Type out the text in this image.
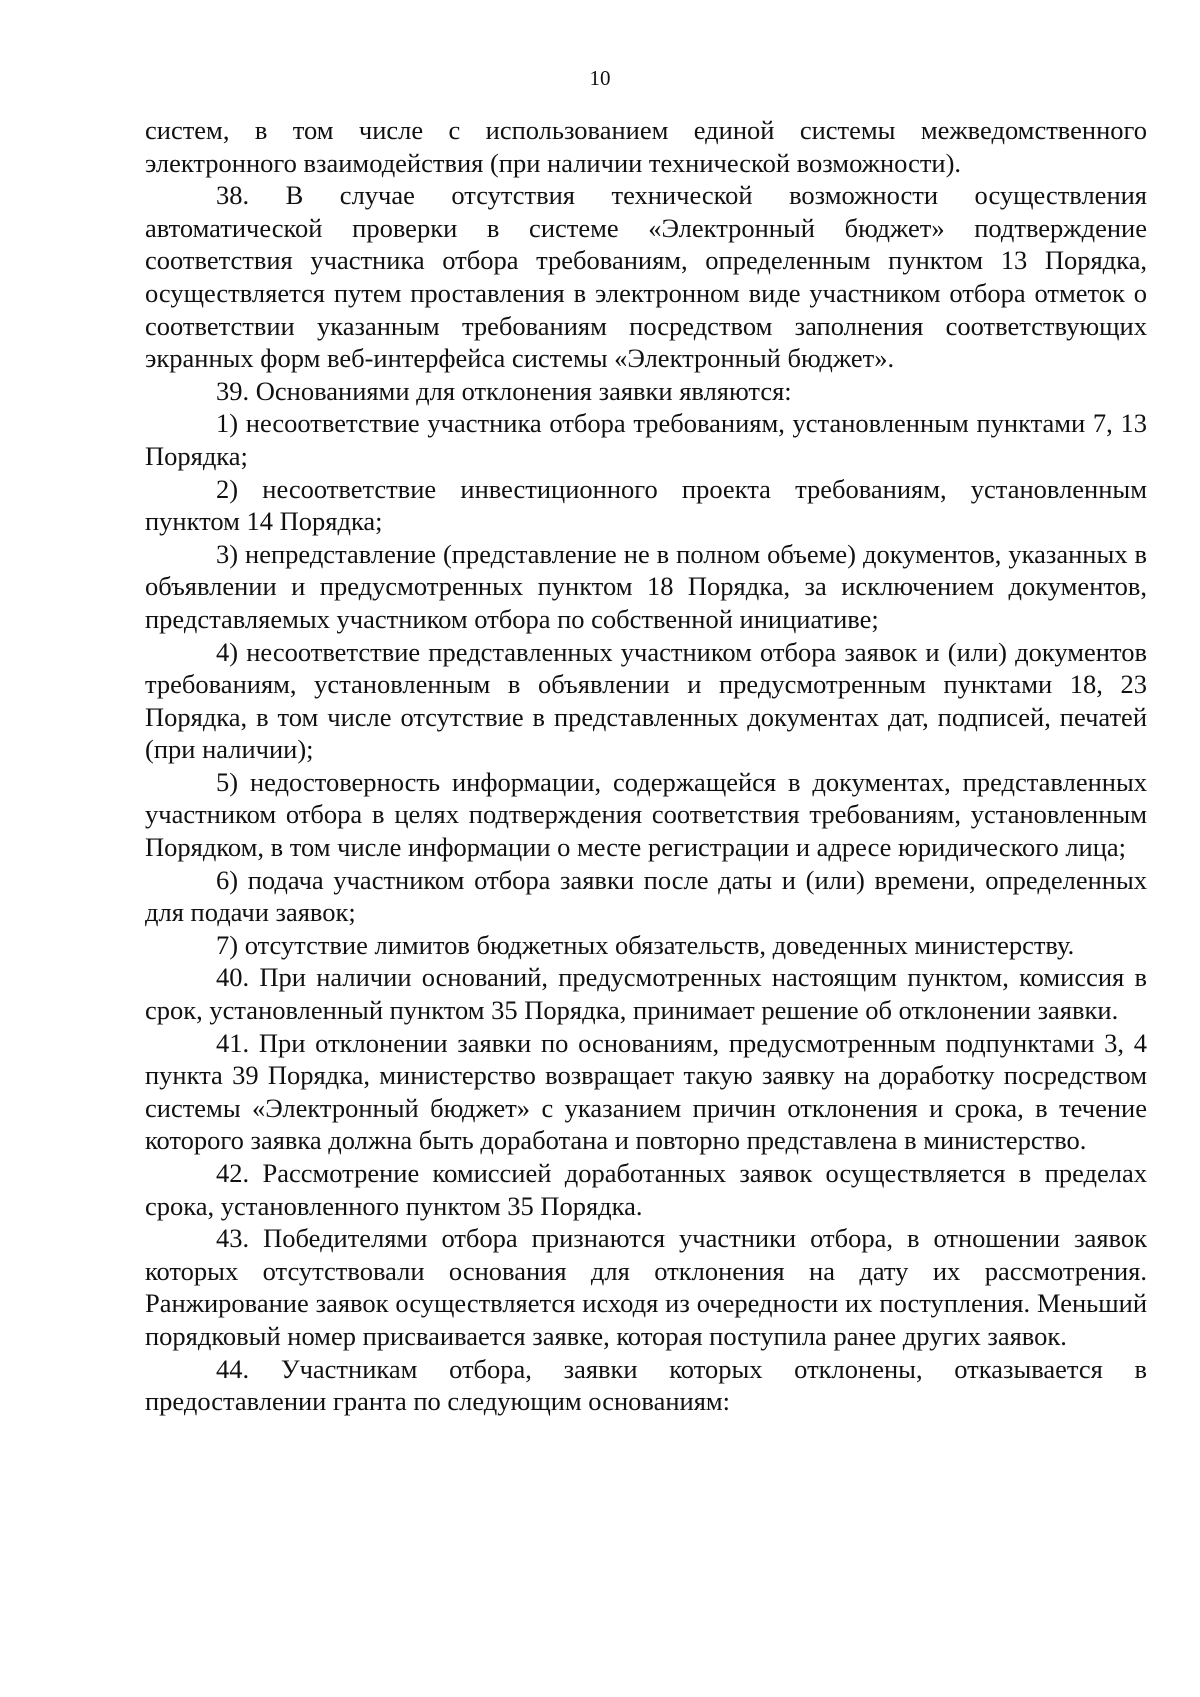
10

систем, в том числе с использованием единой системы межведомственного электронного взаимодействия (при наличии технической возможности).

38. В случае отсутствия технической возможности осуществления автоматической проверки в системе «Электронный бюджет» подтверждение соответствия участника отбора требованиям, определенным пунктом 13 Порядка, осуществляется путем проставления в электронном виде участником отбора отметок о соответствии указанным требованиям посредством заполнения соответствующих экранных форм веб-интерфейса системы «Электронный бюджет».

39. Основаниями для отклонения заявки являются:

1) несоответствие участника отбора требованиям, установленным пунктами 7, 13 Порядка;

2) несоответствие инвестиционного проекта требованиям, установленным пунктом 14 Порядка;

3) непредставление (представление не в полном объеме) документов, указанных в объявлении и предусмотренных пунктом 18 Порядка, за исключением документов, представляемых участником отбора по собственной инициативе;

4) несоответствие представленных участником отбора заявок и (или) документов требованиям, установленным в объявлении и предусмотренным пунктами 18, 23 Порядка, в том числе отсутствие в представленных документах дат, подписей, печатей (при наличии);

5) недостоверность информации, содержащейся в документах, представленных участником отбора в целях подтверждения соответствия требованиям, установленным Порядком, в том числе информации о месте регистрации и адресе юридического лица;

6) подача участником отбора заявки после даты и (или) времени, определенных для подачи заявок;

7) отсутствие лимитов бюджетных обязательств, доведенных министерству.

40. При наличии оснований, предусмотренных настоящим пунктом, комиссия в срок, установленный пунктом 35 Порядка, принимает решение об отклонении заявки.

41. При отклонении заявки по основаниям, предусмотренным подпунктами 3, 4 пункта 39 Порядка, министерство возвращает такую заявку на доработку посредством системы «Электронный бюджет» с указанием причин отклонения и срока, в течение которого заявка должна быть доработана и повторно представлена в министерство.

42. Рассмотрение комиссией доработанных заявок осуществляется в пределах срока, установленного пунктом 35 Порядка.

43. Победителями отбора признаются участники отбора, в отношении заявок которых отсутствовали основания для отклонения на дату их рассмотрения. Ранжирование заявок осуществляется исходя из очередности их поступления. Меньший порядковый номер присваивается заявке, которая поступила ранее других заявок.

44. Участникам отбора, заявки которых отклонены, отказывается в предоставлении гранта по следующим основаниям:
